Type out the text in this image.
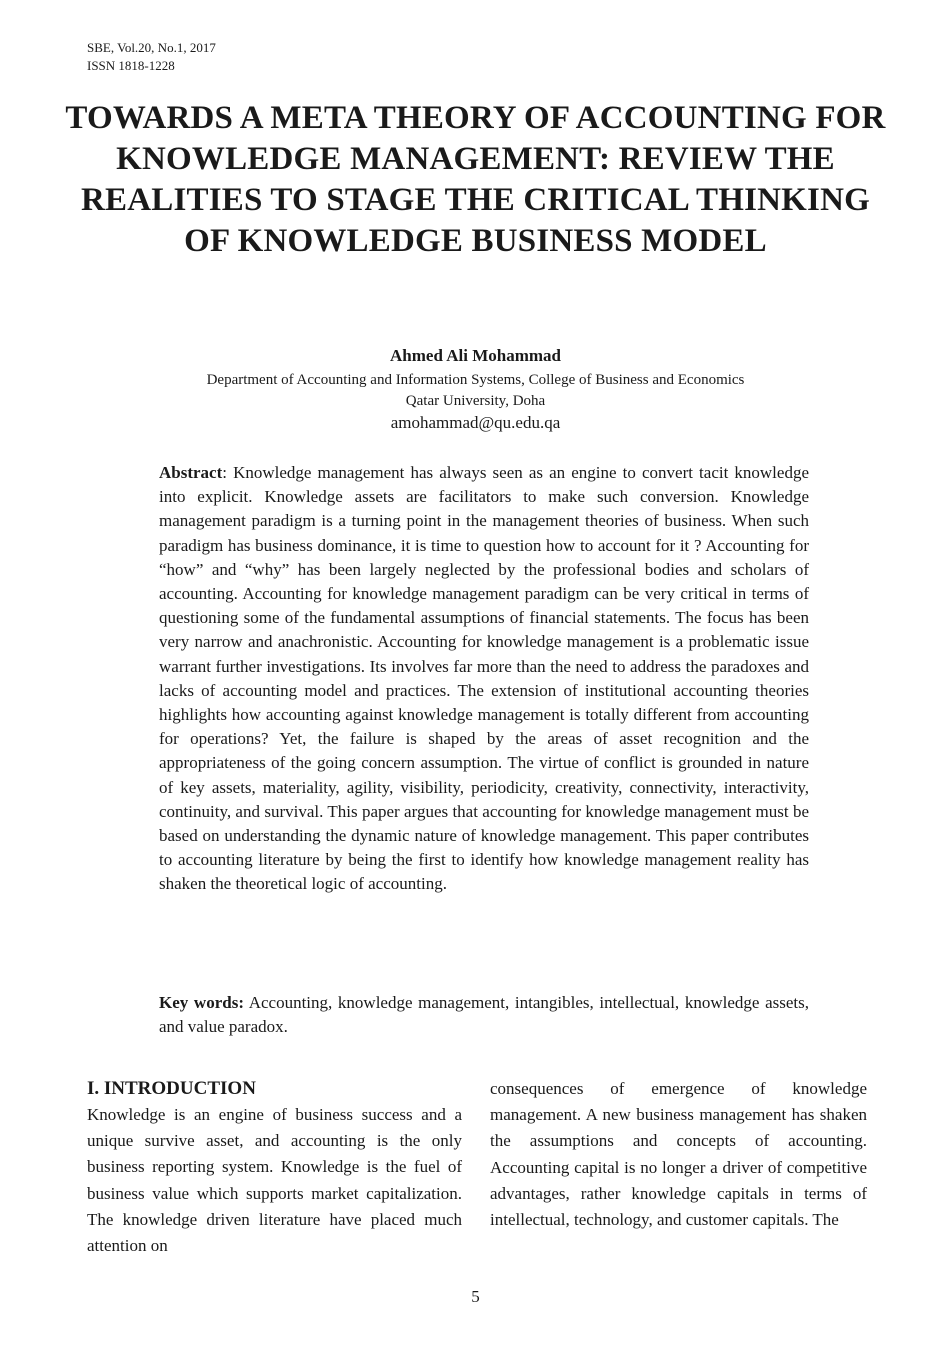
SBE, Vol.20, No.1, 2017
ISSN 1818-1228
TOWARDS A META THEORY OF ACCOUNTING FOR KNOWLEDGE MANAGEMENT: REVIEW THE REALITIES TO STAGE THE CRITICAL THINKING OF KNOWLEDGE BUSINESS MODEL
Ahmed Ali Mohammad
Department of Accounting and Information Systems, College of Business and Economics
Qatar University, Doha
amohammad@qu.edu.qa

Abstract: Knowledge management has always seen as an engine to convert tacit knowledge into explicit. Knowledge assets are facilitators to make such conversion. Knowledge management paradigm is a turning point in the management theories of business. When such paradigm has business dominance, it is time to question how to account for it ? Accounting for “how” and “why” has been largely neglected by the professional bodies and scholars of accounting. Accounting for knowledge management paradigm can be very critical in terms of questioning some of the fundamental assumptions of financial statements. The focus has been very narrow and anachronistic. Accounting for knowledge management is a problematic issue warrant further investigations. Its involves far more than the need to address the paradoxes and lacks of accounting model and practices. The extension of institutional accounting theories highlights how accounting against knowledge management is totally different from accounting for operations? Yet, the failure is shaped by the areas of asset recognition and the appropriateness of the going concern assumption. The virtue of conflict is grounded in nature of key assets, materiality, agility, visibility, periodicity, creativity, connectivity, interactivity, continuity, and survival. This paper argues that accounting for knowledge management must be based on understanding the dynamic nature of knowledge management. This paper contributes to accounting literature by being the first to identify how knowledge management reality has shaken the theoretical logic of accounting.

Key words: Accounting, knowledge management, intangibles, intellectual, knowledge assets, and value paradox.

I. INTRODUCTION

Knowledge is an engine of business success and a unique survive asset, and accounting is the only business reporting system. Knowledge is the fuel of business value which supports market capitalization. The knowledge driven literature have placed much attention on

consequences of emergence of knowledge management. A new business management has shaken the assumptions and concepts of accounting. Accounting capital is no longer a driver of competitive advantages, rather knowledge capitals in terms of intellectual, technology, and customer capitals. The

5
